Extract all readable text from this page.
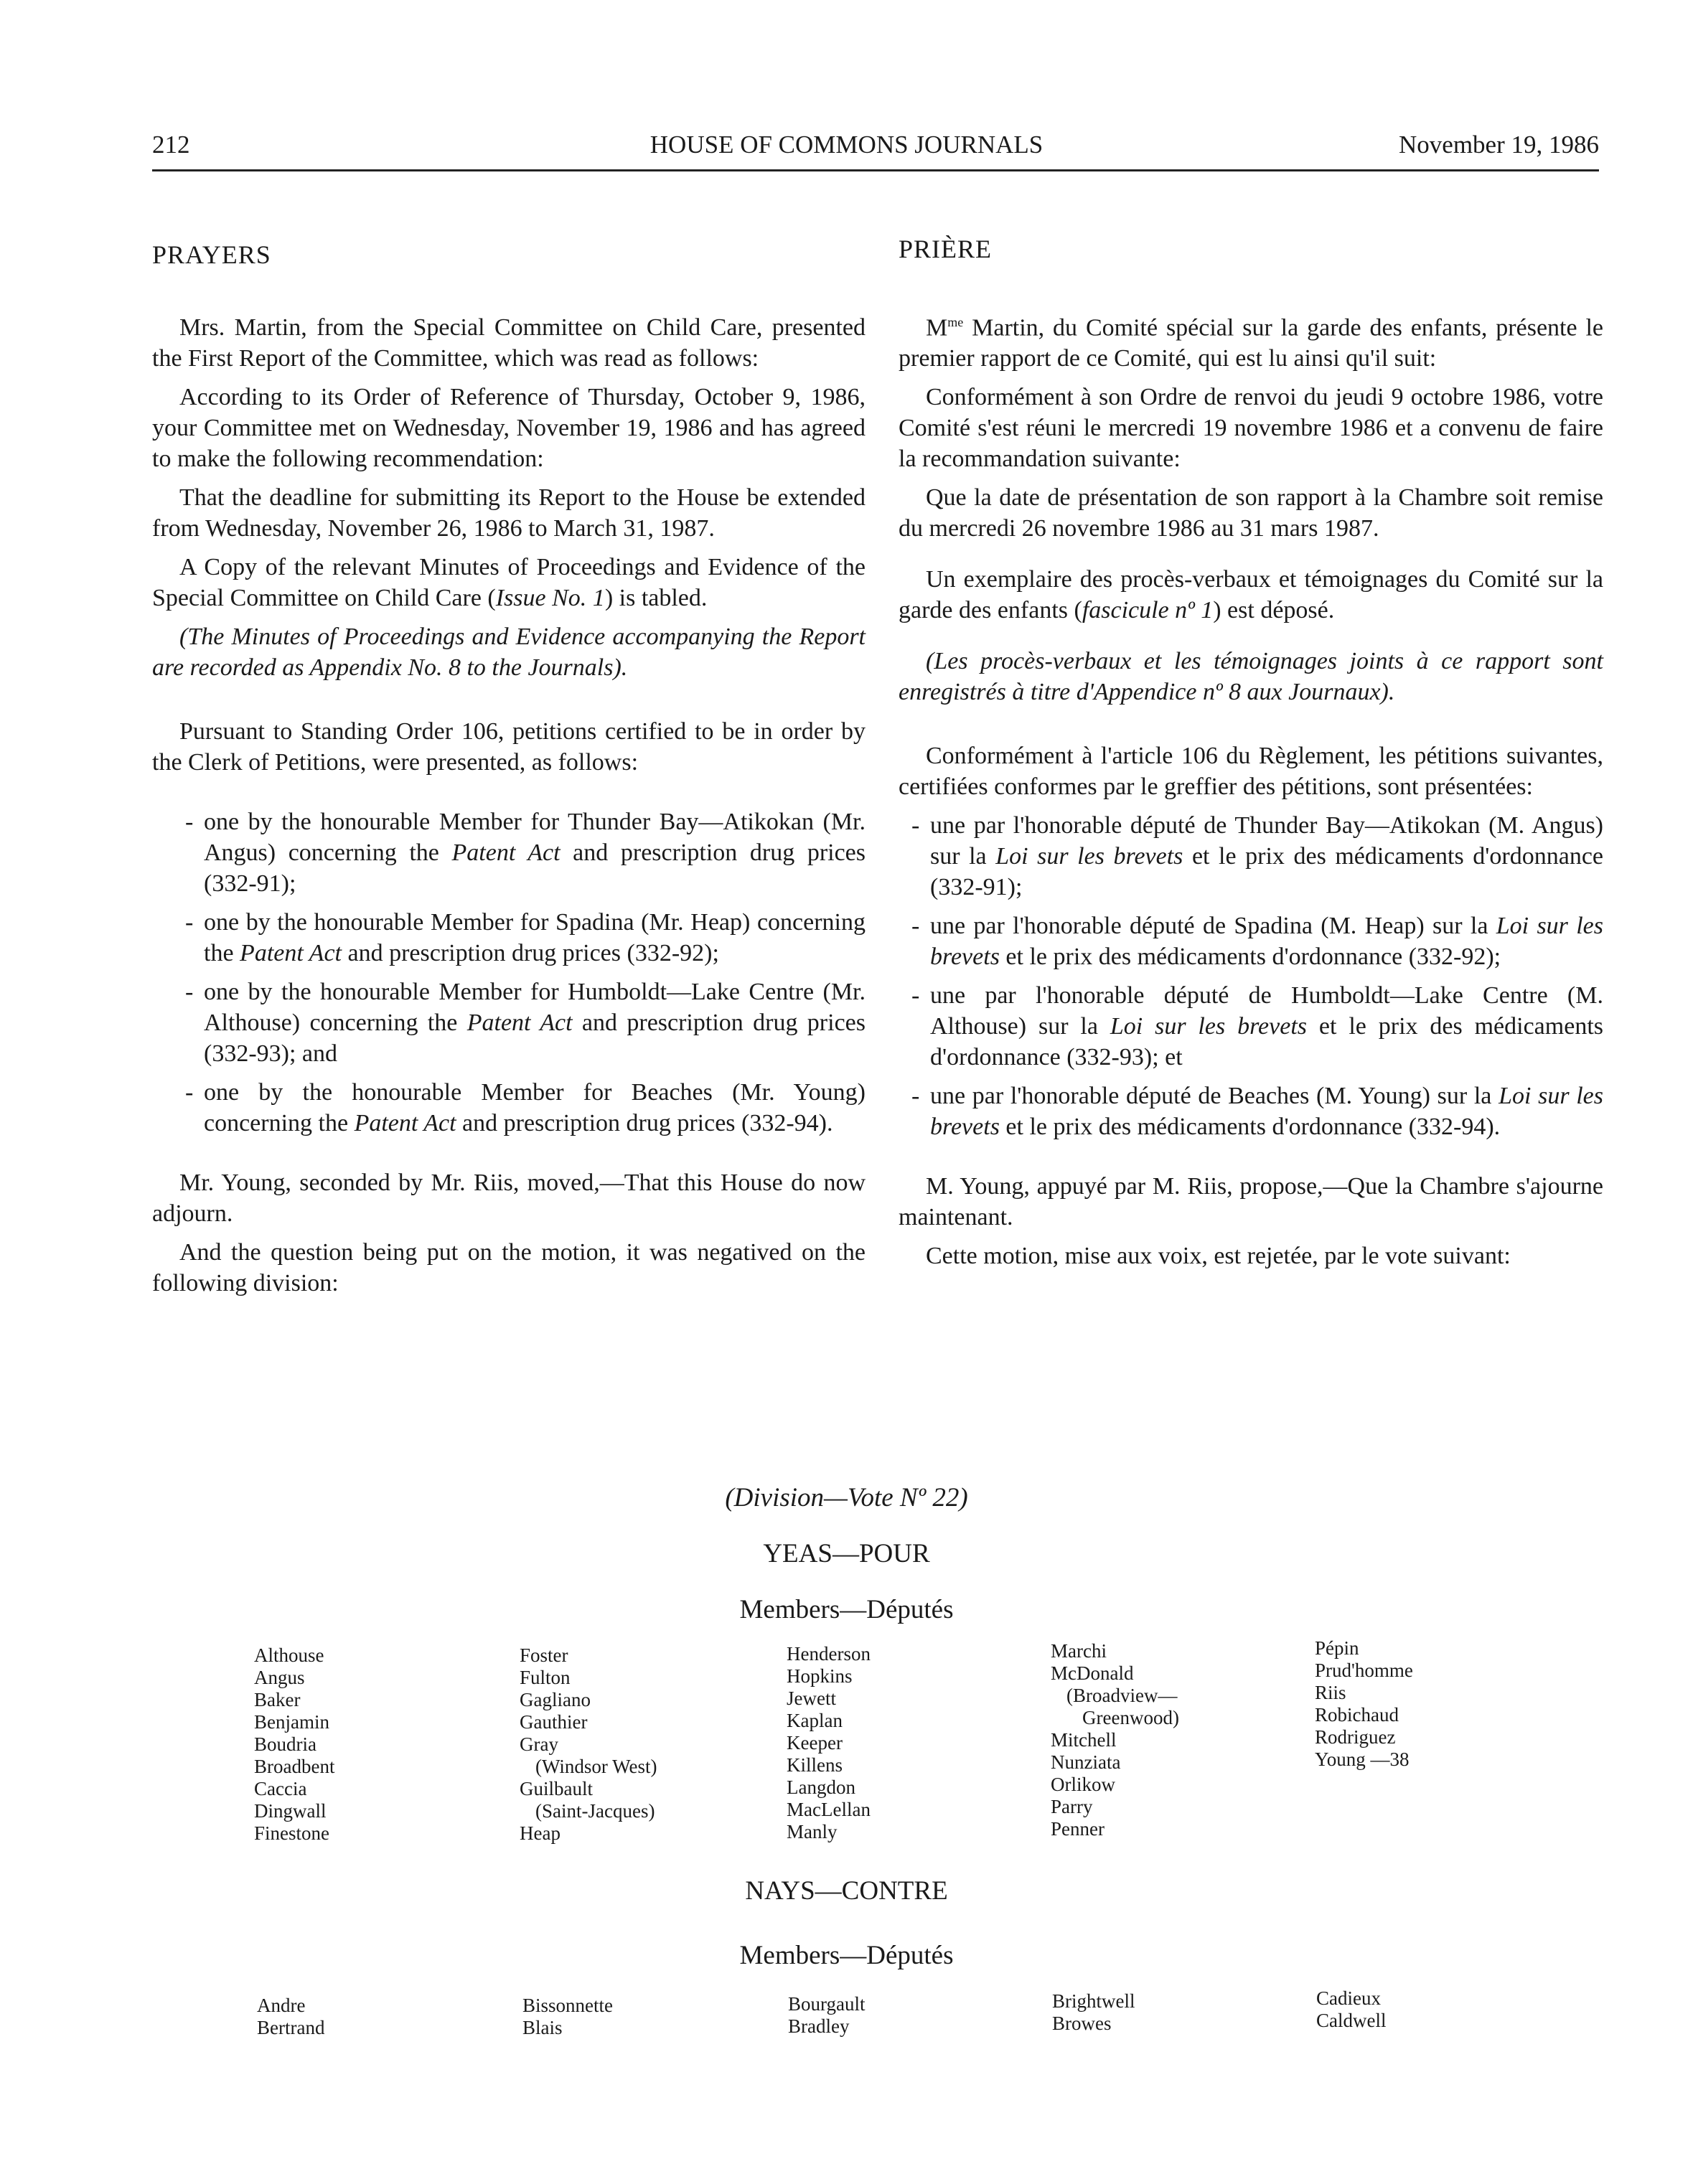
212	HOUSE OF COMMONS JOURNALS	November 19, 1986
PRAYERS

Mrs. Martin, from the Special Committee on Child Care, presented the First Report of the Committee, which was read as follows:

According to its Order of Reference of Thursday, October 9, 1986, your Committee met on Wednesday, November 19, 1986 and has agreed to make the following recommendation:

That the deadline for submitting its Report to the House be extended from Wednesday, November 26, 1986 to March 31, 1987.

A Copy of the relevant Minutes of Proceedings and Evidence of the Special Committee on Child Care (Issue No. 1) is tabled.

(The Minutes of Proceedings and Evidence accompanying the Report are recorded as Appendix No. 8 to the Journals).

Pursuant to Standing Order 106, petitions certified to be in order by the Clerk of Petitions, were presented, as follows:

- one by the honourable Member for Thunder Bay—Atikokan (Mr. Angus) concerning the Patent Act and prescription drug prices (332-91);
- one by the honourable Member for Spadina (Mr. Heap) concerning the Patent Act and prescription drug prices (332-92);
- one by the honourable Member for Humboldt—Lake Centre (Mr. Althouse) concerning the Patent Act and prescription drug prices (332-93); and
- one by the honourable Member for Beaches (Mr. Young) concerning the Patent Act and prescription drug prices (332-94).

Mr. Young, seconded by Mr. Riis, moved,—That this House do now adjourn.

And the question being put on the motion, it was negatived on the following division:

PRIÈRE

$M^{me}$ Martin, du Comité spécial sur la garde des enfants, présente le premier rapport de ce Comité, qui est lu ainsi qu'il suit:

Conformément à son Ordre de renvoi du jeudi 9 octobre 1986, votre Comité s'est réuni le mercredi 19 novembre 1986 et a convenu de faire la recommandation suivante:

Que la date de présentation de son rapport à la Chambre soit remise du mercredi 26 novembre 1986 au 31 mars 1987.

Un exemplaire des procès-verbaux et témoignages du Comité sur la garde des enfants (fascicule nº 1) est déposé.

(Les procès-verbaux et les témoignages joints à ce rapport sont enregistrés à titre d'Appendice nº 8 aux Journaux).

Conformément à l'article 106 du Règlement, les pétitions suivantes, certifiées conformes par le greffier des pétitions, sont présentées:

- une par l'honorable député de Thunder Bay—Atikokan (M. Angus) sur la Loi sur les brevets et le prix des médicaments d'ordonnance (332-91);
- une par l'honorable député de Spadina (M. Heap) sur la Loi sur les brevets et le prix des médicaments d'ordonnance (332-92);
- une par l'honorable député de Humboldt—Lake Centre (M. Althouse) sur la Loi sur les brevets et le prix des médicaments d'ordonnance (332-93); et
- une par l'honorable député de Beaches (M. Young) sur la Loi sur les brevets et le prix des médicaments d'ordonnance (332-94).

M. Young, appuyé par M. Riis, propose,—Que la Chambre s'ajourne maintenant.

Cette motion, mise aux voix, est rejetée, par le vote suivant:

(Division—Vote Nº 22)
YEAS—POUR
Members—Députés
Althouse
Angus
Baker
Benjamin
Boudria
Broadbent
Caccia
Dingwall
Finestone
Foster
Fulton
Gagliano
Gauthier
Gray
(Windsor West)
Guilbault
(Saint-Jacques)
Heap
Henderson
Hopkins
Jewett
Kaplan
Keeper
Killens
Langdon
MacLellan
Manly
Marchi
McDonald
(Broadview—
Greenwood)
Mitchell
Nunziata
Orlikow
Parry
Penner
Pépin
Prud'homme
Riis
Robichaud
Rodriguez
Young —38
NAYS—CONTRE
Members—Députés
Andre
Bertrand
Bissonnette
Blais
Bourgault
Bradley
Brightwell
Browes
Cadieux
Caldwell
